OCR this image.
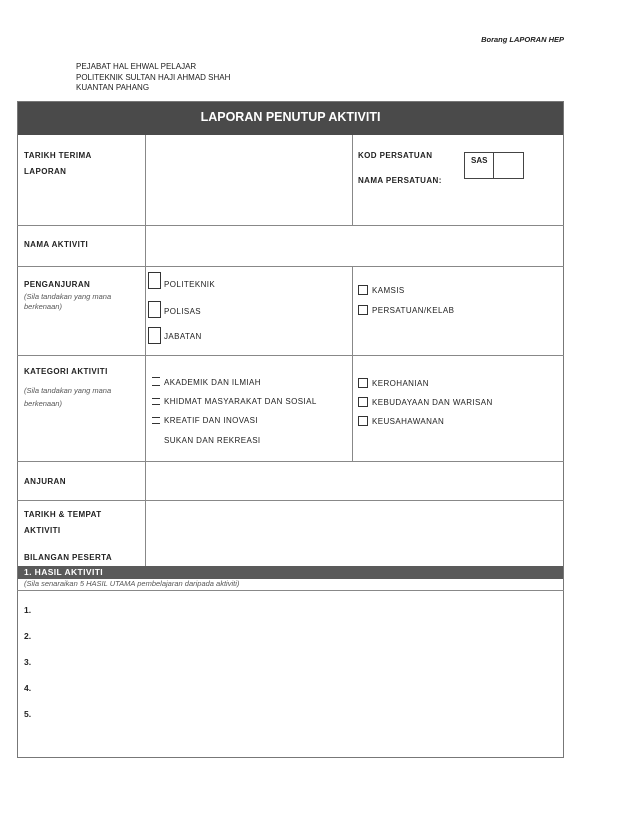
Borang LAPORAN HEP
PEJABAT HAL EHWAL PELAJAR
POLITEKNIK SULTAN HAJI AHMAD SHAH
KUANTAN PAHANG
LAPORAN PENUTUP AKTIVITI
TARIKH TERIMA
LAPORAN
KOD PERSATUAN
NAMA PERSATUAN:
SAS
NAMA AKTIVITI
PENGANJURAN
(Sila tandakan yang mana berkenaan)
POLITEKNIK
POLISAS
JABATAN
KAMSIS
PERSATUAN/KELAB
KATEGORI AKTIVITI
(Sila tandakan yang mana berkenaan)
AKADEMIK DAN ILMIAH
KHIDMAT MASYARAKAT DAN SOSIAL
KREATIF DAN INOVASI
SUKAN DAN REKREASI
KEROHANIAN
KEBUDAYAAN DAN WARISAN
KEUSAHAWANAN
ANJURAN
TARIKH & TEMPAT
AKTIVITI
BILANGAN PESERTA
1. HASIL AKTIVITI
(Sila senaraikan 5 HASIL UTAMA pembelajaran daripada aktiviti)
1.
2.
3.
4.
5.
